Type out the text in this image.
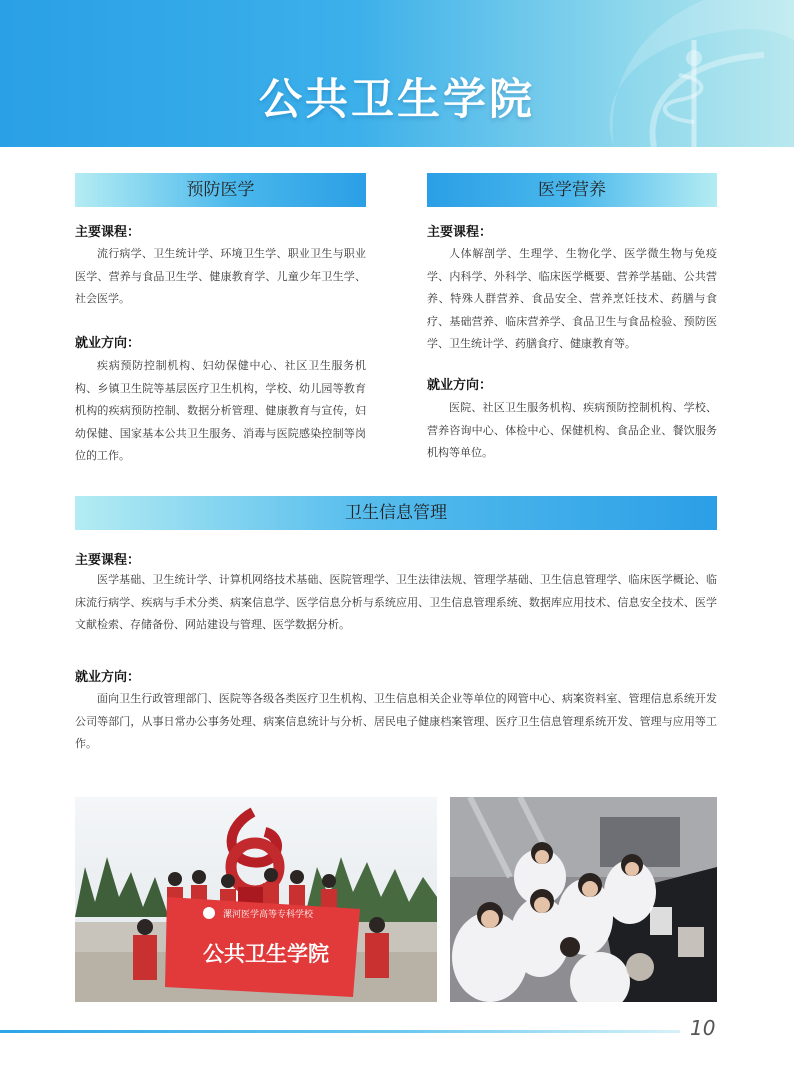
公共卫生学院
预防医学
主要课程：
流行病学、卫生统计学、环境卫生学、职业卫生与职业医学、营养与食品卫生学、健康教育学、儿童少年卫生学、社会医学。
就业方向：
疾病预防控制机构、妇幼保健中心、社区卫生服务机构、乡镇卫生院等基层医疗卫生机构，学校、幼儿园等教育机构的疾病预防控制、数据分析管理、健康教育与宣传，妇幼保健、国家基本公共卫生服务、消毒与医院感染控制等岗位的工作。
医学营养
主要课程：
人体解剖学、生理学、生物化学、医学微生物与免疫学、内科学、外科学、临床医学概要、营养学基础、公共营养、特殊人群营养、食品安全、营养烹饪技术、药膳与食疗、基础营养、临床营养学、食品卫生与食品检验、预防医学、卫生统计学、药膳食疗、健康教育等。
就业方向：
医院、社区卫生服务机构、疾病预防控制机构、学校、营养咨询中心、体检中心、保健机构、食品企业、餐饮服务机构等单位。
卫生信息管理
主要课程：
医学基础、卫生统计学、计算机网络技术基础、医院管理学、卫生法律法规、管理学基础、卫生信息管理学、临床医学概论、临床流行病学、疾病与手术分类、病案信息学、医学信息分析与系统应用、卫生信息管理系统、数据库应用技术、信息安全技术、医学文献检索、存储备份、网站建设与管理、医学数据分析。
就业方向：
面向卫生行政管理部门、医院等各级各类医疗卫生机构、卫生信息相关企业等单位的网管中心、病案资料室、管理信息系统开发公司等部门，从事日常办公事务处理、病案信息统计与分析、居民电子健康档案管理、医疗卫生信息管理系统开发、管理与应用等工作。
漯河医学高等专科学校
公共卫生学院
10
